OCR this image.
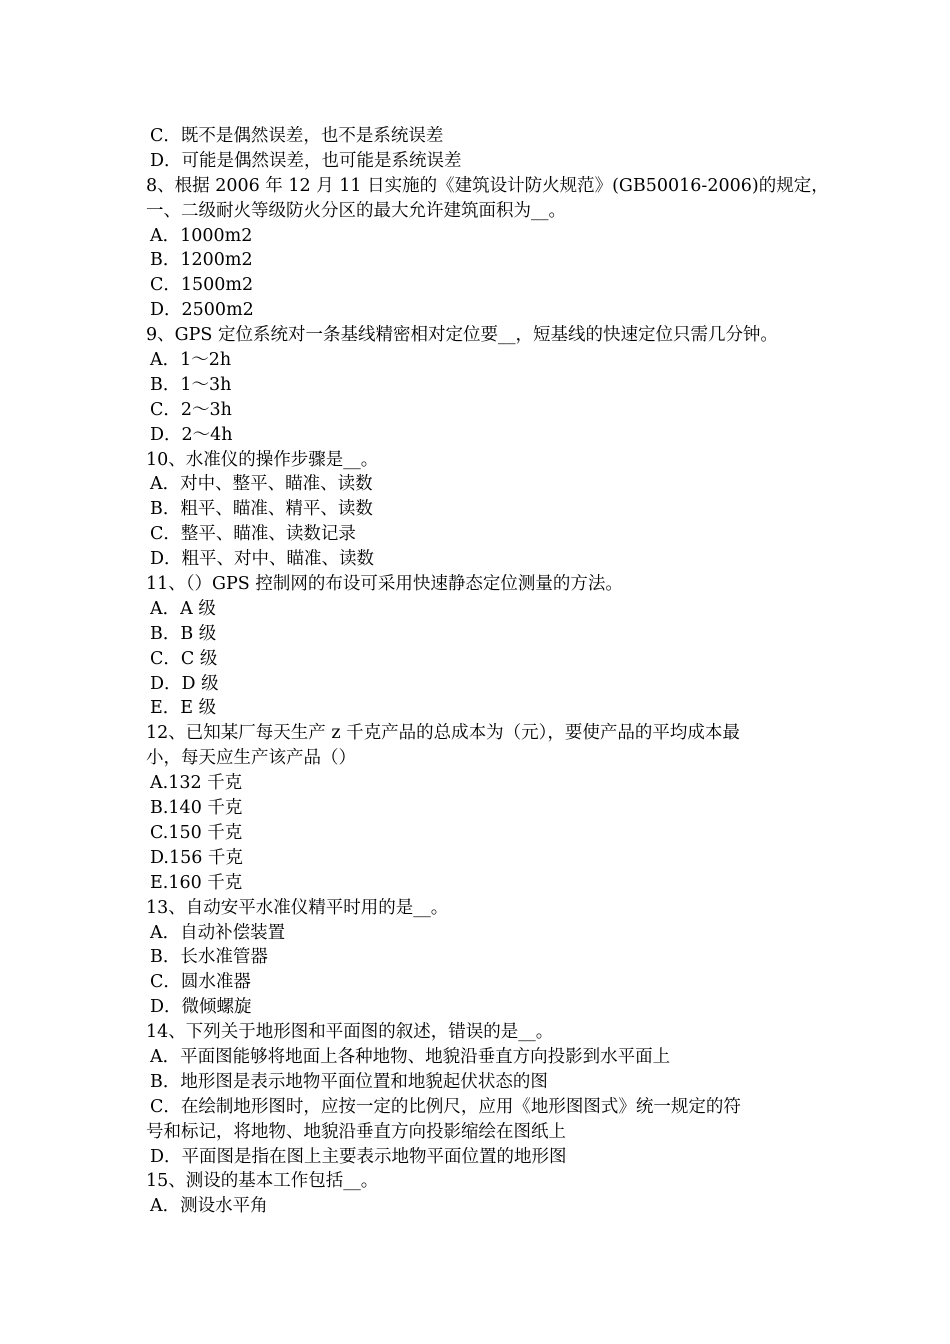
C．既不是偶然误差，也不是系统误差
D．可能是偶然误差，也可能是系统误差
8、根据 2006 年 12 月 11 日实施的《建筑设计防火规范》(GB50016-2006)的规定，
一、二级耐火等级防火分区的最大允许建筑面积为__。
A．1000m2
B．1200m2
C．1500m2
D．2500m2
9、GPS 定位系统对一条基线精密相对定位要__，短基线的快速定位只需几分钟。
A．1～2h
B．1～3h
C．2～3h
D．2～4h
10、水准仪的操作步骤是__。
A．对中、整平、瞄准、读数
B．粗平、瞄准、精平、读数
C．整平、瞄准、读数记录
D．粗平、对中、瞄准、读数
11、（）GPS 控制网的布设可采用快速静态定位测量的方法。
A．A 级
B．B 级
C．C 级
D．D 级
E．E 级
12、已知某厂每天生产 z 千克产品的总成本为（元），要使产品的平均成本最
小，每天应生产该产品（）
A.132 千克
B.140 千克
C.150 千克
D.156 千克
E.160 千克
13、自动安平水准仪精平时用的是__。
A．自动补偿装置
B．长水准管器
C．圆水准器
D．微倾螺旋
14、下列关于地形图和平面图的叙述，错误的是__。
A．平面图能够将地面上各种地物、地貌沿垂直方向投影到水平面上
B．地形图是表示地物平面位置和地貌起伏状态的图
C．在绘制地形图时，应按一定的比例尺，应用《地形图图式》统一规定的符
号和标记，将地物、地貌沿垂直方向投影缩绘在图纸上
D．平面图是指在图上主要表示地物平面位置的地形图
15、测设的基本工作包括__。
A．测设水平角
